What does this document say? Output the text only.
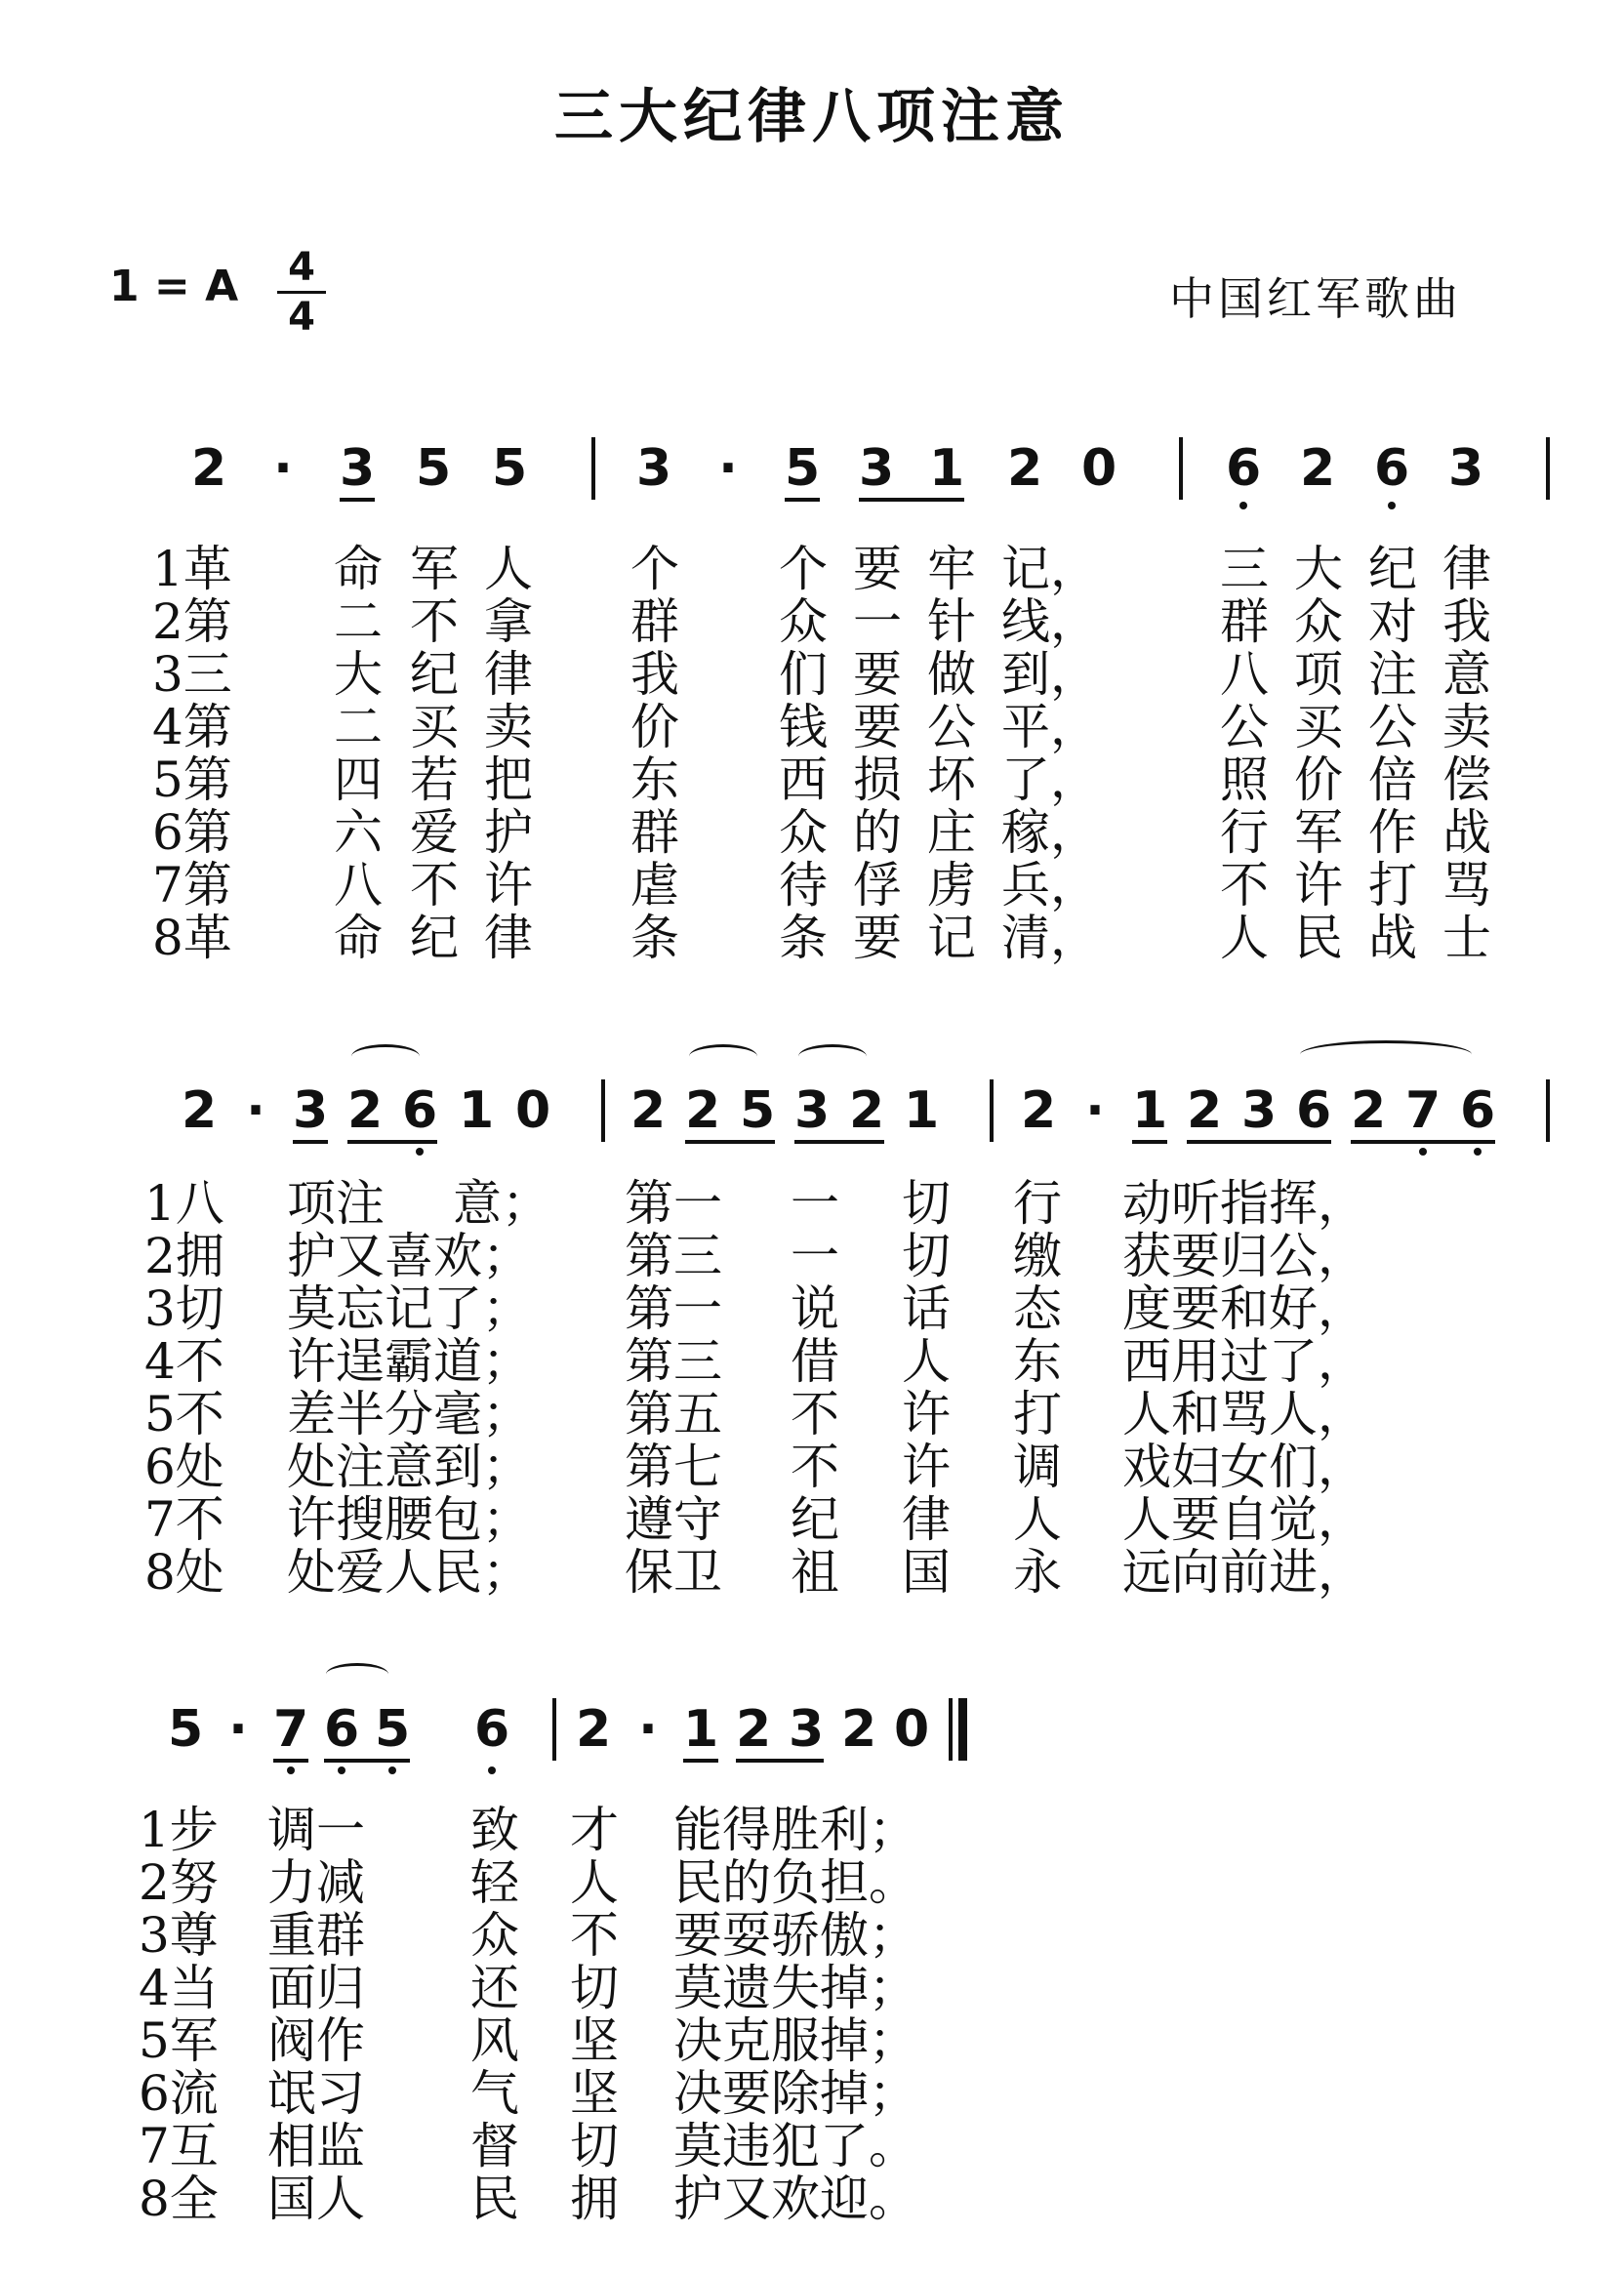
三大纪律八项注意
1 = A 4
4	中国红军歌曲
2 · 3 5 5 3 · 5 3 1 2 0 6 2 6 3
1革 命 军 人 个 个 要 牢 记， 三 大 纪 律
2第 二 不 拿 群 众 一 针 线， 群 众 对 我
3三 大 纪 律 我 们 要 做 到， 八 项 注 意
4第 二 买 卖 价 钱 要 公 平， 公 买 公 卖
5第 四 若 把 东 西 损 坏 了， 照 价 倍 偿
6第 六 爱 护 群 众 的 庄 稼， 行 军 作 战
7第 八 不 许 虐 待 俘 虏 兵， 不 许 打 骂
8革 命 纪 律 条 条 要 记 清， 人 民 战 士
2 · 3 2 6 1 0 2 2 5 3 2 1 2 · 1 2 3 6 2 7 6
1八 项注 意； 第一 一 切 行 动听指挥，
2拥 护又喜欢； 第三 一 切 缴 获要归公，
3切 莫忘记了； 第一 说 话 态 度要和好，
4不 许逞霸道； 第三 借 人 东 西用过了，
5不 差半分毫； 第五 不 许 打 人和骂人，
6处 处注意到； 第七 不 许 调 戏妇女们，
7不 许搜腰包； 遵守 纪 律 人 人要自觉，
8处 处爱人民； 保卫 祖 国 永 远向前进，
5 · 7 6 5 6 2 · 1 2 3 2 0
1步 调一 致 才 能得胜利；
2努 力减 轻 人 民的负担。
3尊 重群 众 不 要耍骄傲；
4当 面归 还 切 莫遗失掉；
5军 阀作 风 坚 决克服掉；
6流 氓习 气 坚 决要除掉；
7互 相监 督 切 莫违犯了。
8全 国人 民 拥 护又欢迎。
